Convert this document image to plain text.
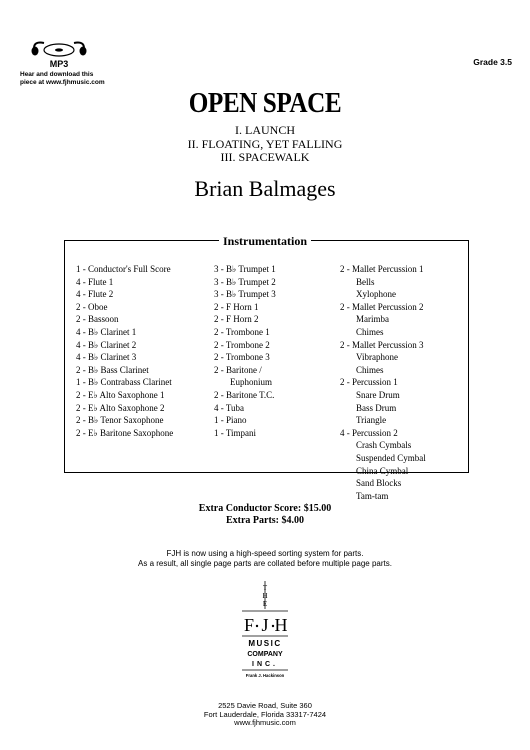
MP3
Hear and download this
piece at www.fjhmusic.com
Grade 3.5
OPEN SPACE
I. LAUNCH
II. FLOATING, YET FALLING
III. SPACEWALK
Brian Balmages
Instrumentation
1 - Conductor's Full Score
4 - Flute 1
4 - Flute 2
2 - Oboe
2 - Bassoon
4 - B♭ Clarinet 1
4 - B♭ Clarinet 2
4 - B♭ Clarinet 3
2 - B♭ Bass Clarinet
1 - B♭ Contrabass Clarinet
2 - E♭ Alto Saxophone 1
2 - E♭ Alto Saxophone 2
2 - B♭ Tenor Saxophone
2 - E♭ Baritone Saxophone
3 - B♭ Trumpet 1
3 - B♭ Trumpet 2
3 - B♭ Trumpet 3
2 - F Horn 1
2 - F Horn 2
2 - Trombone 1
2 - Trombone 2
2 - Trombone 3
2 - Baritone /
Euphonium
2 - Baritone T.C.
4 - Tuba
1 - Piano
1 - Timpani
2 - Mallet Percussion 1
Bells
Xylophone
2 - Mallet Percussion 2
Marimba
Chimes
2 - Mallet Percussion 3
Vibraphone
Chimes
2 - Percussion 1
Snare Drum
Bass Drum
Triangle
4 - Percussion 2
Crash Cymbals
Suspended Cymbal
China Cymbal
Sand Blocks
Tam-tam
Extra Conductor Score: $15.00
Extra Parts: $4.00
FJH is now using a high-speed sorting system for parts.
As a result, all single page parts are collated before multiple page parts.
T
H
E
F J H
MUSIC
COMPANY
INC.
Frank J. Hackinson
2525 Davie Road, Suite 360
Fort Lauderdale, Florida 33317-7424
www.fjhmusic.com
